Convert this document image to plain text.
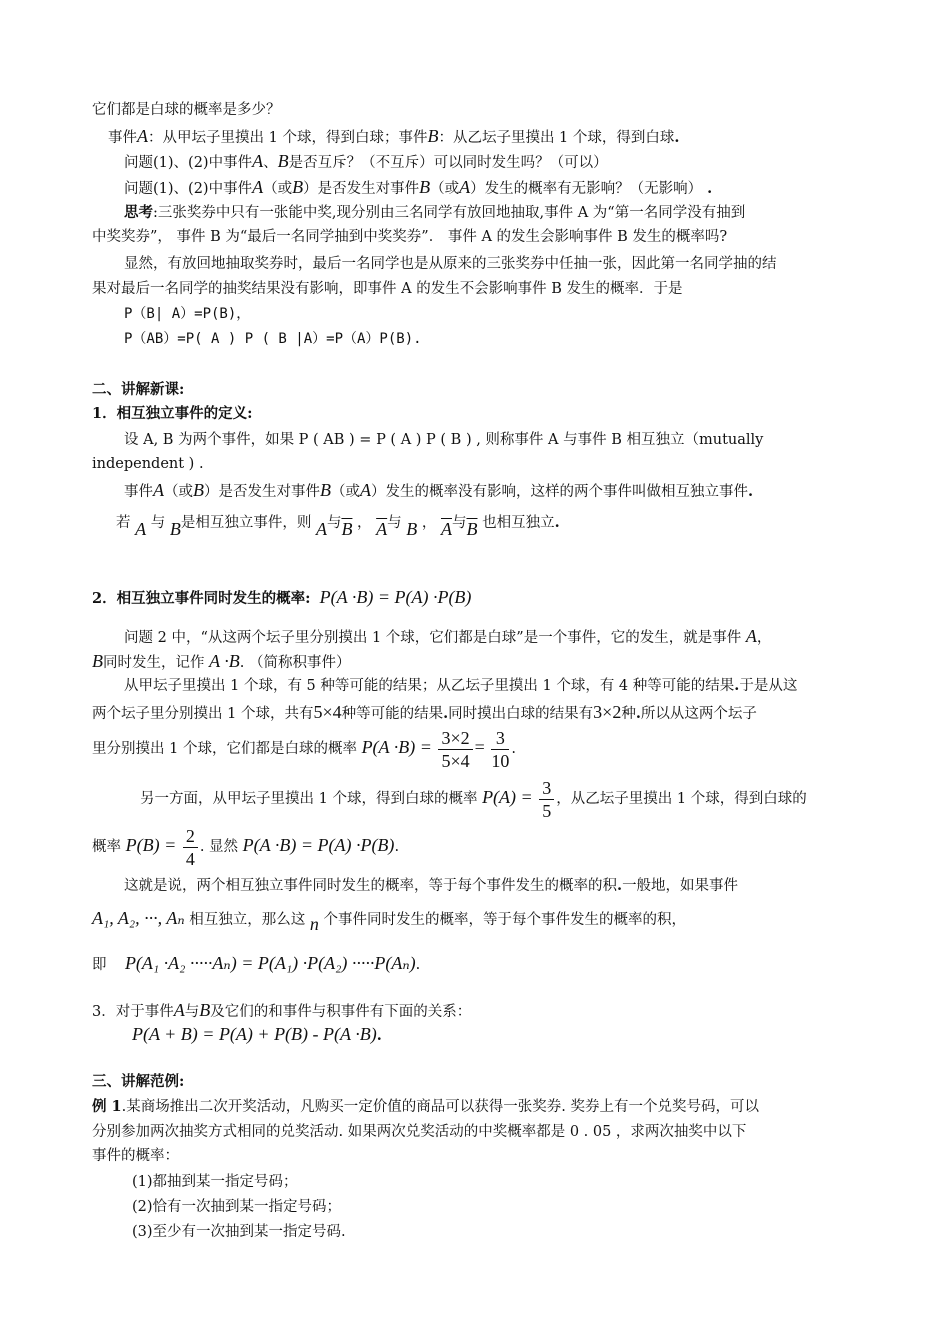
它们都是白球的概率是多少？
事件A：从甲坛子里摸出 1 个球，得到白球；事件B：从乙坛子里摸出 1 个球，得到白球.
问题(1)、(2)中事件A、B是否互斥？（不互斥）可以同时发生吗？（可以）
问题(1)、(2)中事件A（或B）是否发生对事件B（或A）发生的概率有无影响？（无影响） .
思考:三张奖券中只有一张能中奖,现分别由三名同学有放回地抽取,事件 A 为“第一名同学没有抽到
中奖奖券”， 事件 B 为“最后一名同学抽到中奖奖券”． 事件 A 的发生会影响事件 B 发生的概率吗?
显然，有放回地抽取奖券时，最后一名同学也是从原来的三张奖券中任抽一张，因此第一名同学抽的结
果对最后一名同学的抽奖结果没有影响，即事件 A 的发生不会影响事件 B 发生的概率．于是
P（B| A）=P(B)，
P（AB）=P( A ) P ( B |A）=P（A）P(B).
二、讲解新课:
1．相互独立事件的定义:
设 A, B 为两个事件，如果 P ( AB ) = P ( A ) P ( B ) , 则称事件 A 与事件 B 相互独立（mutually
independent ) .
事件A（或B）是否发生对事件B（或A）发生的概率没有影响，这样的两个事件叫做相互独立事件.
若 A 与 B是相互独立事件，则 A与$\overline{B}$ ， $\overline{A}$与 B ， $\overline{A}$与$\overline{B}$ 也相互独立.
2．相互独立事件同时发生的概率: P(A ·B) = P(A) ·P(B)
问题 2 中，“从这两个坛子里分别摸出 1 个球，它们都是白球”是一个事件，它的发生，就是事件 A，
B同时发生，记作 A ·B. （简称积事件）
从甲坛子里摸出 1 个球，有 5 种等可能的结果；从乙坛子里摸出 1 个球，有 4 种等可能的结果.于是从这
两个坛子里分别摸出 1 个球，共有5×4种等可能的结果.同时摸出白球的结果有3×2种.所以从这两个坛子
里分别摸出 1 个球，它们都是白球的概率 $P(A \cdot B) = \frac{3\times 2}{5\times 4} = \frac{3}{10}$ .
另一方面，从甲坛子里摸出 1 个球，得到白球的概率 $P(A) = \frac{3}{5}$ ，从乙坛子里摸出 1 个球，得到白球的
概率 $P(B) = \frac{2}{4}$ . 显然 P(A ·B) = P(A) ·P(B).
这就是说，两个相互独立事件同时发生的概率，等于每个事件发生的概率的积.一般地，如果事件
A₁, A₂, ···, Aₙ 相互独立，那么这 n 个事件同时发生的概率，等于每个事件发生的概率的积，
即 P(A₁ ·A₂ ·····Aₙ) = P(A₁) ·P(A₂) ·····P(Aₙ).
3．对于事件A与B及它们的和事件与积事件有下面的关系：
P(A + B) = P(A) + P(B) - P(A ·B).
三、讲解范例:
例 1.某商场推出二次开奖活动，凡购买一定价值的商品可以获得一张奖券. 奖券上有一个兑奖号码，可以
分别参加两次抽奖方式相同的兑奖活动. 如果两次兑奖活动的中奖概率都是 0 . 05 ，求两次抽奖中以下
事件的概率：
(1)都抽到某一指定号码；
(2)恰有一次抽到某一指定号码；
(3)至少有一次抽到某一指定号码.
